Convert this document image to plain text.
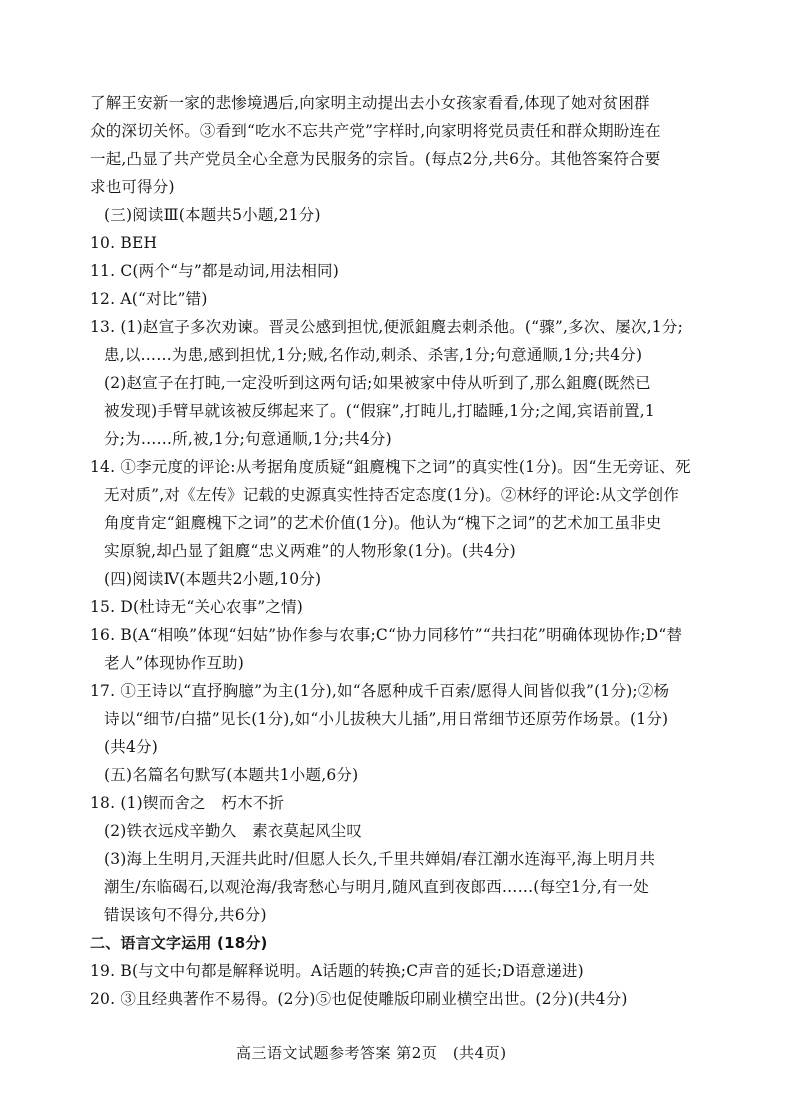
了解王安新一家的悲惨境遇后,向家明主动提出去小女孩家看看,体现了她对贫困群
众的深切关怀。③看到“吃水不忘共产党”字样时,向家明将党员责任和群众期盼连在
一起,凸显了共产党员全心全意为民服务的宗旨。(每点2分,共6分。其他答案符合要
求也可得分)
(三)阅读Ⅲ(本题共5小题,21分)
10. BEH
11. C(两个“与”都是动词,用法相同)
12. A(“对比”错)
13. (1)赵宣子多次劝谏。晋灵公感到担忧,便派鉏麑去刺杀他。(“骤”,多次、屡次,1分;
患,以……为患,感到担忧,1分;贼,名作动,刺杀、杀害,1分;句意通顺,1分;共4分)
(2)赵宣子在打盹,一定没听到这两句话;如果被家中侍从听到了,那么鉏麑(既然已
被发现)手臂早就该被反绑起来了。(“假寐”,打盹儿,打瞌睡,1分;之闻,宾语前置,1
分;为……所,被,1分;句意通顺,1分;共4分)
14. ①李元度的评论:从考据角度质疑“鉏麑槐下之词”的真实性(1分)。因“生无旁证、死
无对质”,对《左传》记载的史源真实性持否定态度(1分)。②林纾的评论:从文学创作
角度肯定“鉏麑槐下之词”的艺术价值(1分)。他认为“槐下之词”的艺术加工虽非史
实原貌,却凸显了鉏麑“忠义两难”的人物形象(1分)。(共4分)
(四)阅读Ⅳ(本题共2小题,10分)
15. D(杜诗无“关心农事”之情)
16. B(A“相唤”体现“妇姑”协作参与农事;C“协力同移竹”“共扫花”明确体现协作;D“替
老人”体现协作互助)
17. ①王诗以“直抒胸臆”为主(1分),如“各愿种成千百索/愿得人间皆似我”(1分);②杨
诗以“细节/白描”见长(1分),如“小儿拔秧大儿插”,用日常细节还原劳作场景。(1分)
(共4分)
(五)名篇名句默写(本题共1小题,6分)
18. (1)锲而舍之　朽木不折
(2)铁衣远戍辛勤久　素衣莫起风尘叹
(3)海上生明月,天涯共此时/但愿人长久,千里共婵娟/春江潮水连海平,海上明月共
潮生/东临碣石,以观沧海/我寄愁心与明月,随风直到夜郎西……(每空1分,有一处
错误该句不得分,共6分)
二、语言文字运用 (18分)
19. B(与文中句都是解释说明。A话题的转换;C声音的延长;D语意递进)
20. ③且经典著作不易得。(2分)⑤也促使雕版印刷业横空出世。(2分)(共4分)
高三语文试题参考答案 第2页　(共4页)
